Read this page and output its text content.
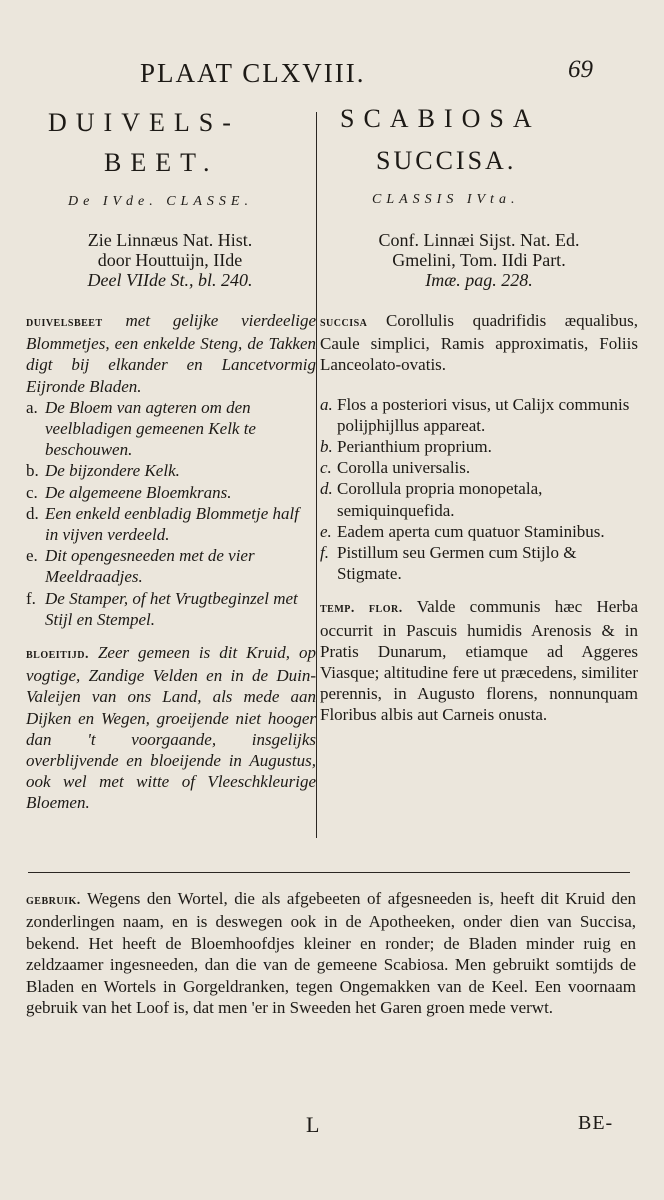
PLAAT CLXVIII.	69
DUIVELS-
BEET.
De IVde. CLASSE.
Zie Linnæus Nat. Hist.
door Houttuijn, IIde
Deel VIIde St., bl. 240.
SCABIOSA
SUCCISA.
CLASSIS IVta.
Conf. Linnæi Sijst. Nat. Ed.
Gmelini, Tom. IIdi Part.
Imæ. pag. 228.
duivelsbeet met gelijke vierdeelige Blommetjes, een enkelde Steng, de Takken digt bij elkander en Lancetvormig Eijronde Bladen.
a. De Bloem van agteren om den veelbladigen gemeenen Kelk te beschouwen.
b. De bijzondere Kelk.
c. De algemeene Bloemkrans.
d. Een enkeld eenbladig Blommetje half in vijven verdeeld.
e. Dit opengesneeden met de vier Meeldraadjes.
f. De Stamper, of het Vrugtbeginzel met Stijl en Stempel.
bloeitijd. Zeer gemeen is dit Kruid, op vogtige, Zandige Velden en in de Duin-Valeijen van ons Land, als mede aan Dijken en Wegen, groeijende niet hooger dan 't voorgaande, insgelijks overblijvende en bloeijende in Augustus, ook wel met witte of Vleeschkleurige Bloemen.
succisa Corollulis quadrifidis æqualibus, Caule simplici, Ramis approximatis, Foliis Lanceolato-ovatis.
a. Flos a posteriori visus, ut Calijx communis polijphijllus appareat.
b. Perianthium proprium.
c. Corolla universalis.
d. Corollula propria monopetala, semiquinquefida.
e. Eadem aperta cum quatuor Staminibus.
f. Pistillum seu Germen cum Stijlo & Stigmate.
temp. flor. Valde communis hæc Herba occurrit in Pascuis humidis Arenosis & in Pratis Dunarum, etiamque ad Aggeres Viasque; altitudine fere ut præcedens, similiter perennis, in Augusto florens, nonnunquam Floribus albis aut Carneis onusta.
gebruik. Wegens den Wortel, die als afgebeeten of afgesneeden is, heeft dit Kruid den zonderlingen naam, en is deswegen ook in de Apotheeken, onder dien van Succisa, bekend. Het heeft de Bloemhoofdjes kleiner en ronder; de Bladen minder ruig en zeldzaamer ingesneeden, dan die van de gemeene Scabiosa. Men gebruikt somtijds de Bladen en Wortels in Gorgeldranken, tegen Ongemakken van de Keel. Een voornaam gebruik van het Loof is, dat men 'er in Sweeden het Garen groen mede verwt.
L	BE-
